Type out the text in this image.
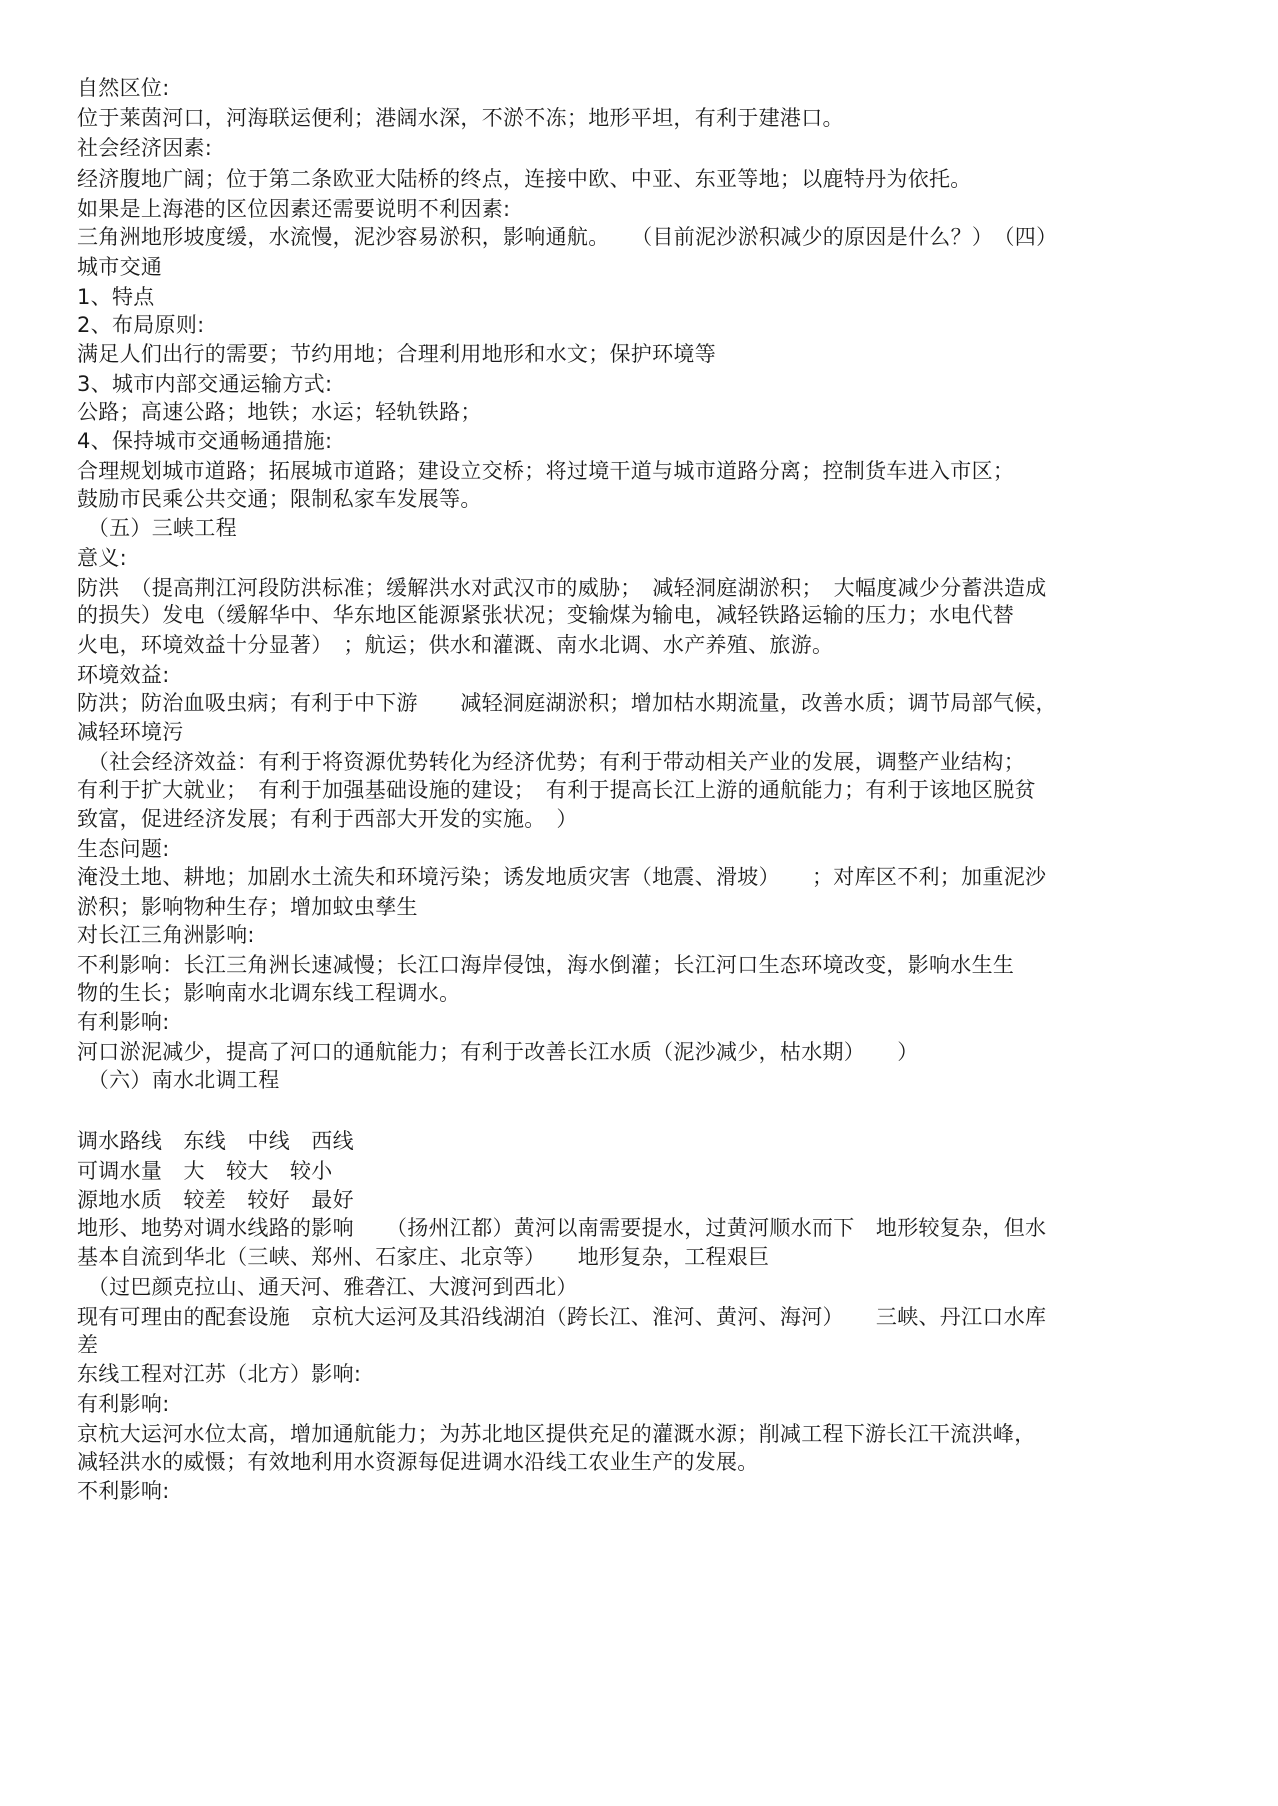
自然区位:
位于莱茵河口，河海联运便利；港阔水深，不淤不冻；地形平坦，有利于建港口。
社会经济因素:
经济腹地广阔；位于第二条欧亚大陆桥的终点，连接中欧、中亚、东亚等地；以鹿特丹为依托。
如果是上海港的区位因素还需要说明不利因素:
三角洲地形坡度缓，水流慢，泥沙容易淤积，影响通航。　　（目前泥沙淤积减少的原因是什么？）　（四）
城市交通
1、特点
2、布局原则:
满足人们出行的需要；节约用地；合理利用地形和水文；保护环境等
3、城市内部交通运输方式:
公路；高速公路；地铁；水运；轻轨铁路；
4、保持城市交通畅通措施:
合理规划城市道路；拓展城市道路；建设立交桥；将过境干道与城市道路分离；控制货车进入市区；
鼓励市民乘公共交通；限制私家车发展等。
　（五）三峡工程
意义:
防洪　（提高荆江河段防洪标准；缓解洪水对武汉市的威胁；　减轻洞庭湖淤积；　大幅度减少分蓄洪造成
的损失）发电（缓解华中、华东地区能源紧张状况；变输煤为输电，减轻铁路运输的压力；水电代替
火电，环境效益十分显著）　；航运；供水和灌溉、南水北调、水产养殖、旅游。
环境效益:
防洪；防治血吸虫病；有利于中下游　　减轻洞庭湖淤积；增加枯水期流量，改善水质；调节局部气候，
减轻环境污
　（社会经济效益：有利于将资源优势转化为经济优势；有利于带动相关产业的发展，调整产业结构；
有利于扩大就业；　有利于加强基础设施的建设；　有利于提高长江上游的通航能力；有利于该地区脱贫
致富，促进经济发展；有利于西部大开发的实施。　）
生态问题:
淹没土地、耕地；加剧水土流失和环境污染；诱发地质灾害（地震、滑坡）　　；对库区不利；加重泥沙
淤积；影响物种生存；增加蚊虫孳生
对长江三角洲影响:
不利影响：长江三角洲长速减慢；长江口海岸侵蚀，海水倒灌；长江河口生态环境改变，影响水生生
物的生长；影响南水北调东线工程调水。
有利影响:
河口淤泥减少，提高了河口的通航能力；有利于改善长江水质（泥沙减少，枯水期）　　）
　（六）南水北调工程
调水路线　东线　中线　西线
可调水量　大　较大　较小
源地水质　较差　较好　最好
地形、地势对调水线路的影响　　（扬州江都）黄河以南需要提水，过黄河顺水而下　地形较复杂，但水
基本自流到华北（三峡、郑州、石家庄、北京等）　　地形复杂，工程艰巨
　（过巴颜克拉山、通天河、雅砻江、大渡河到西北）
现有可理由的配套设施　京杭大运河及其沿线湖泊（跨长江、淮河、黄河、海河）　　三峡、丹江口水库
差
东线工程对江苏（北方）影响:
有利影响:
京杭大运河水位太高，增加通航能力；为苏北地区提供充足的灌溉水源；削减工程下游长江干流洪峰，
减轻洪水的威慑；有效地利用水资源每促进调水沿线工农业生产的发展。
不利影响:
